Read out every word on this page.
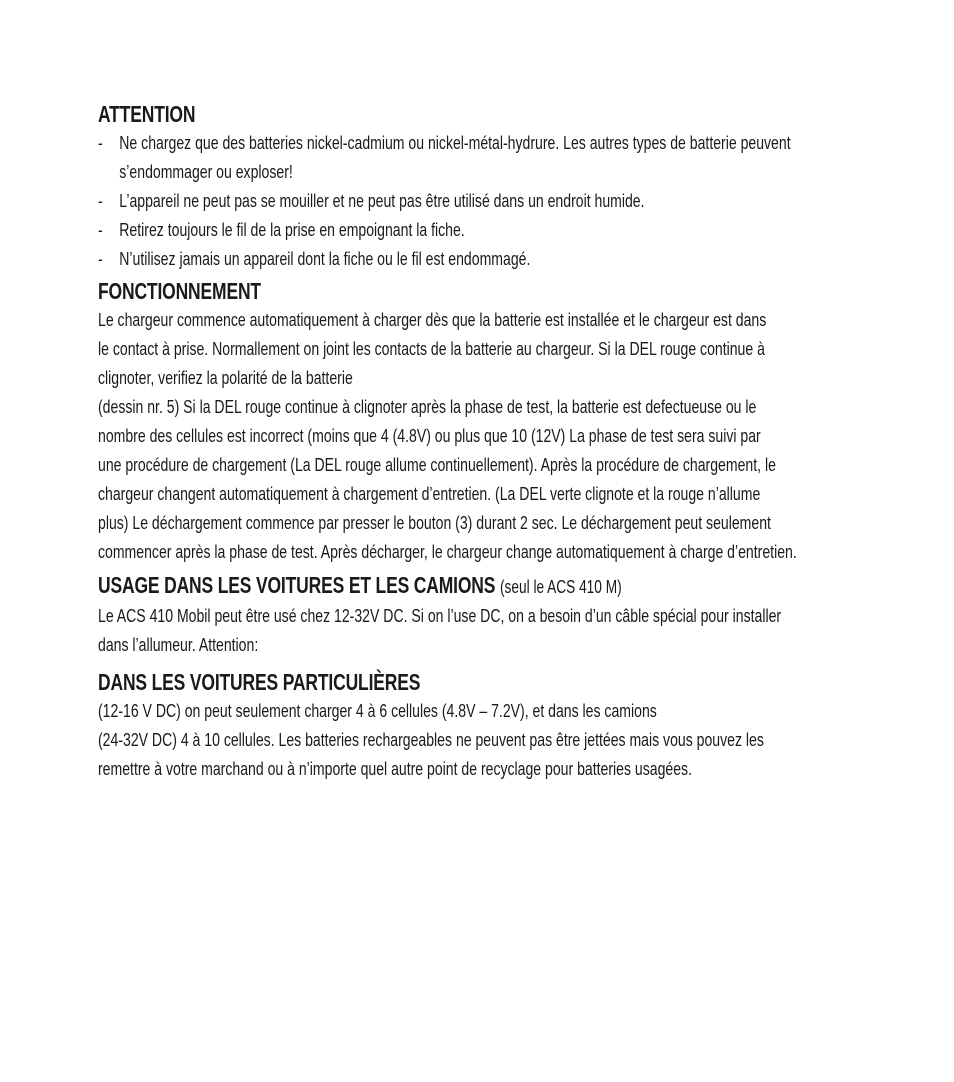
ATTENTION
- Ne chargez que des batteries nickel-cadmium ou nickel-métal-hydrure. Les autres types de batterie peuvent
s’endommager ou exploser!
- L’appareil ne peut pas se mouiller et ne peut pas être utilisé dans un endroit humide.
- Retirez toujours le fil de la prise en empoignant la fiche.
- N’utilisez jamais un appareil dont la fiche ou le fil est endommagé.
FONCTIONNEMENT

Le chargeur commence automatiquement à charger dès que la batterie est installée et le chargeur est dans
le contact à prise. Normallement on joint les contacts de la batterie au chargeur. Si la DEL rouge continue à
clignoter, verifiez la polarité de la batterie
(dessin nr. 5) Si la DEL rouge continue à clignoter après la phase de test, la batterie est defectueuse ou le
nombre des cellules est incorrect (moins que 4 (4.8V) ou plus que 10 (12V) La phase de test sera suivi par
une procédure de chargement (La DEL rouge allume continuellement). Après la procédure de chargement, le
chargeur changent automatiquement à chargement d’entretien. (La DEL verte clignote et la rouge n’allume
plus) Le déchargement commence par presser le bouton (3) durant 2 sec. Le déchargement peut seulement
commencer après la phase de test. Après décharger, le chargeur change automatiquement à charge d’entretien.

USAGE DANS LES VOITURES ET LES CAMIONS (seul le ACS 410 M)

Le ACS 410 Mobil peut être usé chez 12-32V DC. Si on l’use DC, on a besoin d’un câble spécial pour installer
dans l’allumeur. Attention:

DANS LES VOITURES PARTICULIÈRES

(12-16 V DC) on peut seulement charger 4 à 6 cellules (4.8V – 7.2V), et dans les camions
(24-32V DC) 4 à 10 cellules. Les batteries rechargeables ne peuvent pas être jettées mais vous pouvez les
remettre à votre marchand ou à n’importe quel autre point de recyclage pour batteries usagées.
